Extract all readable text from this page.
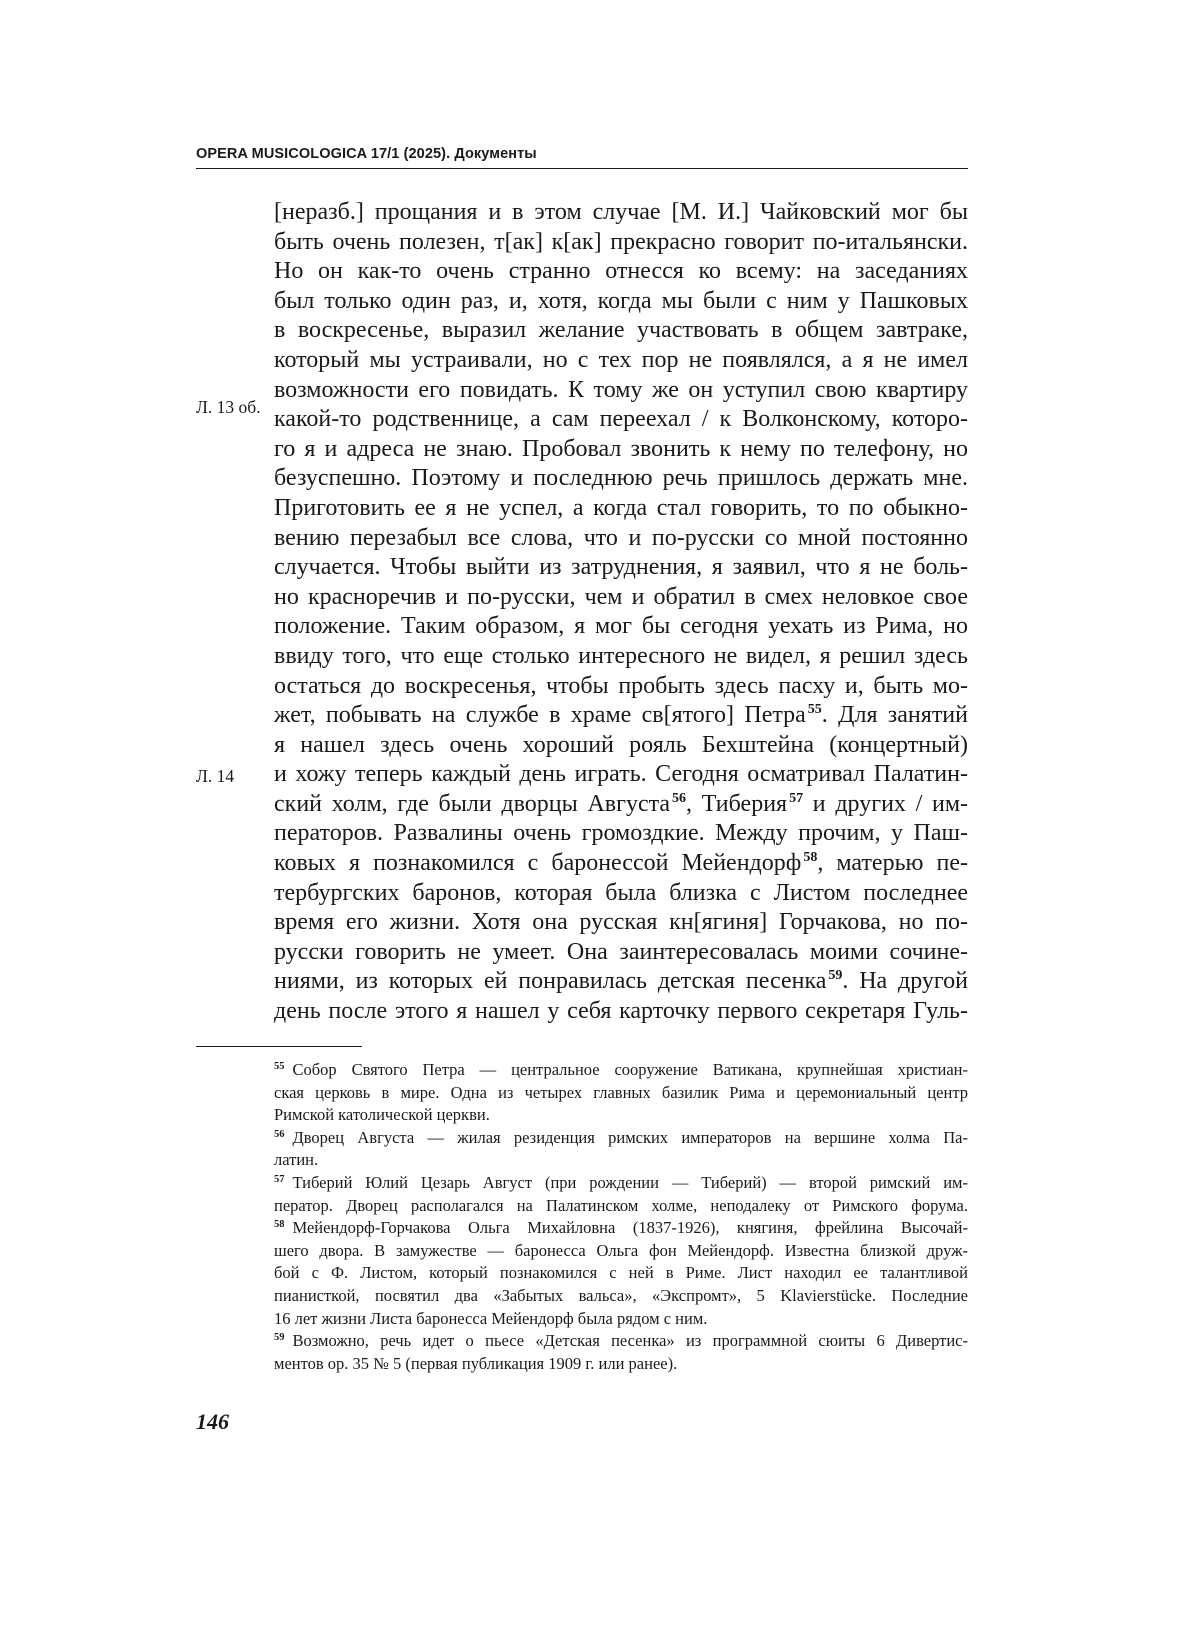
OPERA MUSICOLOGICA 17/1 (2025). Документы
Л. 13 об.
Л. 14
[неразб.] прощания и в этом случае [М. И.] Чайковский мог бы
быть очень полезен, т[ак] к[ак] прекрасно говорит по-итальянски.
Но он как-то очень странно отнесся ко всему: на заседаниях
был только один раз, и, хотя, когда мы были с ним у Пашковых
в воскресенье, выразил желание участвовать в общем завтраке,
который мы устраивали, но с тех пор не появлялся, а я не имел
возможности его повидать. К тому же он уступил свою квартиру
какой-то родственнице, а сам переехал / к Волконскому, которо-
го я и адреса не знаю. Пробовал звонить к нему по телефону, но
безуспешно. Поэтому и последнюю речь пришлось держать мне.
Приготовить ее я не успел, а когда стал говорить, то по обыкно-
вению перезабыл все слова, что и по-русски со мной постоянно
случается. Чтобы выйти из затруднения, я заявил, что я не боль-
но красноречив и по-русски, чем и обратил в смех неловкое свое
положение. Таким образом, я мог бы сегодня уехать из Рима, но
ввиду того, что еще столько интересного не видел, я решил здесь
остаться до воскресенья, чтобы пробыть здесь пасху и, быть мо-
жет, побывать на службе в храме св[ятого] Петра $^{55}$. Для занятий
я нашел здесь очень хороший рояль Бехштейна (концертный)
и хожу теперь каждый день играть. Сегодня осматривал Палатин-
ский холм, где были дворцы Августа $^{56}$, Тиберия $^{57}$ и других / им-
ператоров. Развалины очень громоздкие. Между прочим, у Паш-
ковых я познакомился с баронессой Мейендорф $^{58}$, матерью пе-
тербургских баронов, которая была близка с Листом последнее
время его жизни. Хотя она русская кн[ягиня] Горчакова, но по-
русски говорить не умеет. Она заинтересовалась моими сочине-
ниями, из которых ей понравилась детская песенка $^{59}$. На другой
день после этого я нашел у себя карточку первого секретаря Гуль-
$^{55}$ Собор Святого Петра — центральное сооружение Ватикана, крупнейшая христиан-
ская церковь в мире. Одна из четырех главных базилик Рима и церемониальный центр
Римской католической церкви.
$^{56}$ Дворец Августа — жилая резиденция римских императоров на вершине холма Па-
латин.
$^{57}$ Тиберий Юлий Цезарь Август (при рождении –– Тиберий) — второй римский им-
ператор. Дворец располагался на Палатинском холме, неподалеку от Римского форума.
$^{58}$ Мейендорф-Горчакова Ольга Михайловна (1837-1926), княгиня, фрейлина Высочай-
шего двора. В замужестве — баронесса Ольга фон Мейендорф. Известна близкой друж-
бой с Ф. Листом, который познакомился с ней в Риме. Лист находил ее талантливой
пианисткой, посвятил два «Забытых вальса», «Экспромт», 5 Klavierstücke. Последние
16 лет жизни Листа баронесса Мейендорф была рядом с ним.
$^{59}$ Возможно, речь идет о пьесе «Детская песенка» из программной сюиты 6 Дивертис-
ментов ор. 35 № 5 (первая публикация 1909 г. или ранее).
146
